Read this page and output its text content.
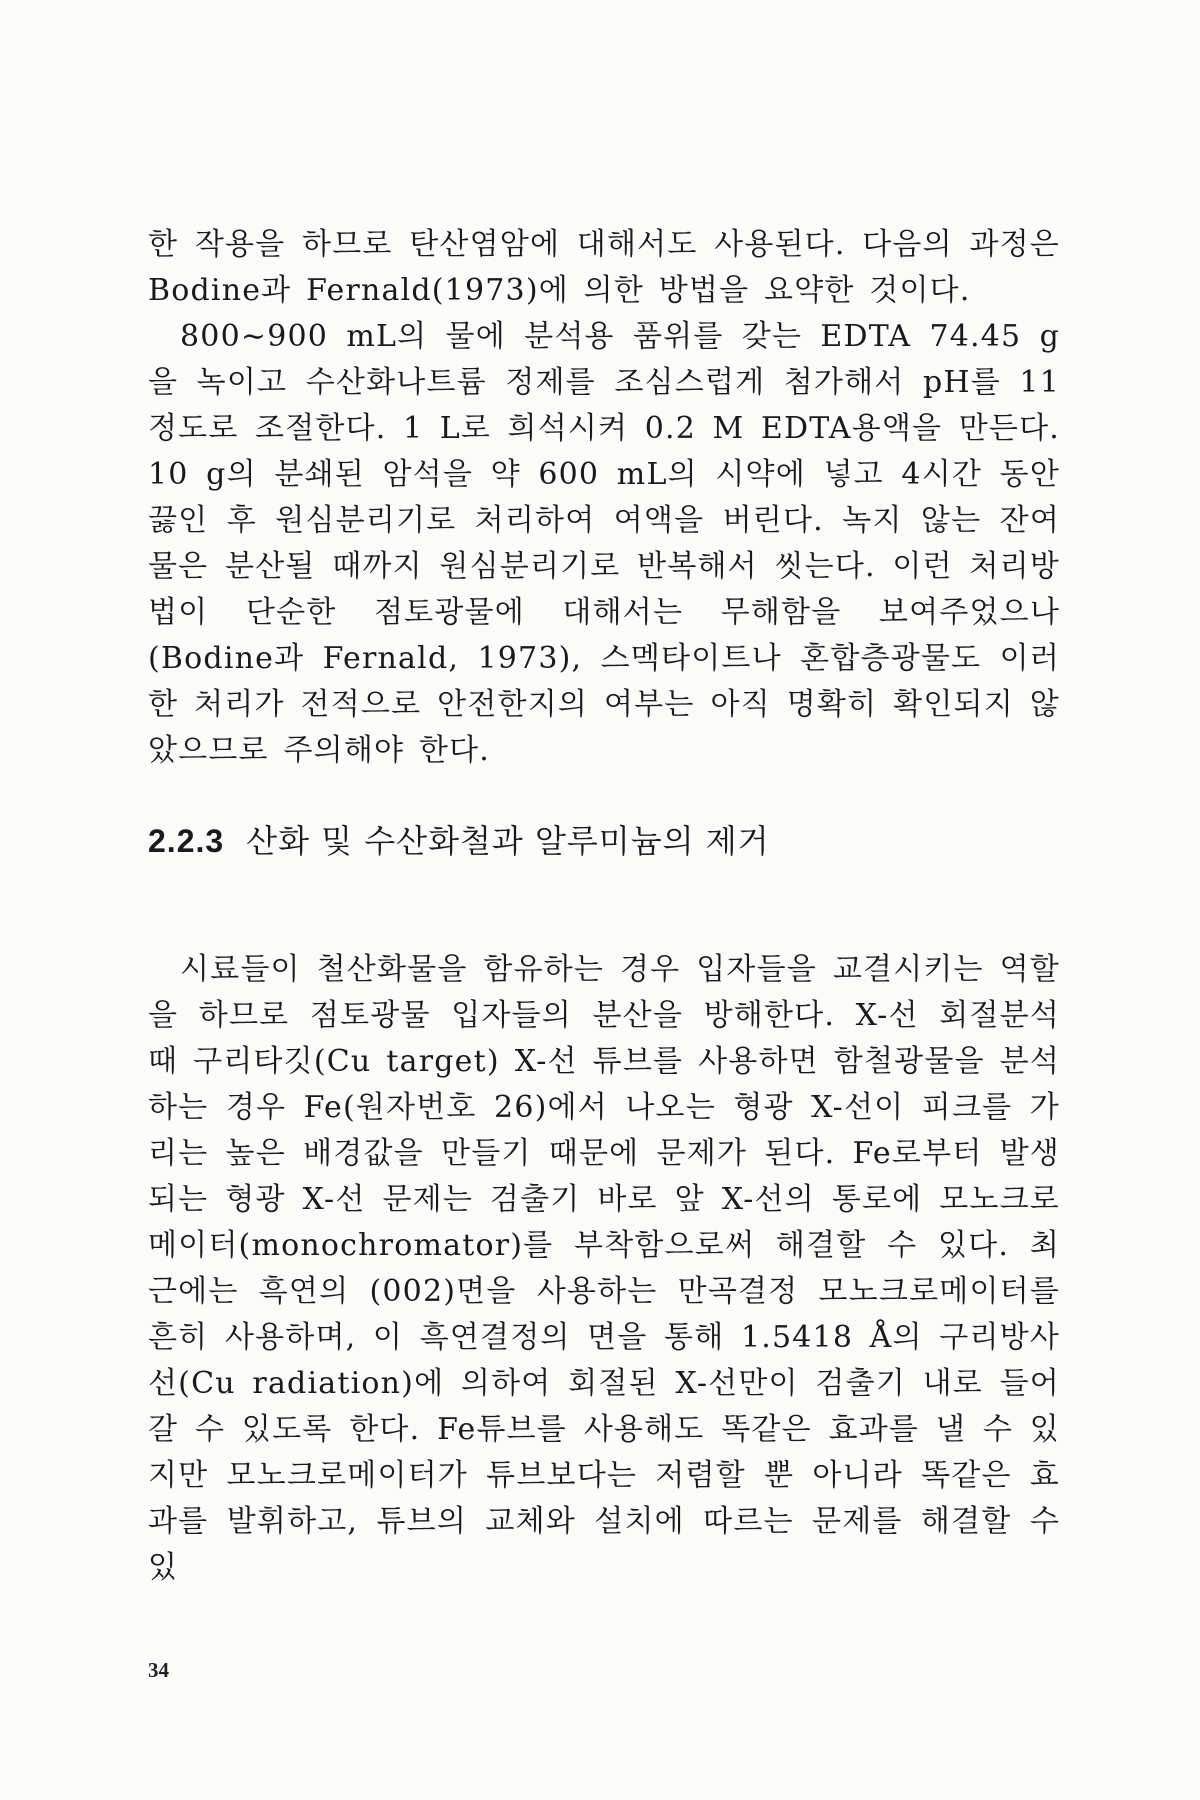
한 작용을 하므로 탄산염암에 대해서도 사용된다. 다음의 과정은 Bodine과 Fernald(1973)에 의한 방법을 요약한 것이다.

800∼900 mL의 물에 분석용 품위를 갖는 EDTA 74.45 g을 녹이고 수산화나트륨 정제를 조심스럽게 첨가해서 pH를 11 정도로 조절한다. 1 L로 희석시켜 0.2 M EDTA용액을 만든다. 10 g의 분쇄된 암석을 약 600 mL의 시약에 넣고 4시간 동안 끓인 후 원심분리기로 처리하여 여액을 버린다. 녹지 않는 잔여물은 분산될 때까지 원심분리기로 반복해서 씻는다. 이런 처리방법이 단순한 점토광물에 대해서는 무해함을 보여주었으나(Bodine과 Fernald, 1973), 스멕타이트나 혼합층광물도 이러한 처리가 전적으로 안전한지의 여부는 아직 명확히 확인되지 않았으므로 주의해야 한다.

2.2.3 산화 및 수산화철과 알루미늄의 제거

시료들이 철산화물을 함유하는 경우 입자들을 교결시키는 역할을 하므로 점토광물 입자들의 분산을 방해한다. X-선 회절분석 때 구리타깃(Cu target) X-선 튜브를 사용하면 함철광물을 분석하는 경우 Fe(원자번호 26)에서 나오는 형광 X-선이 피크를 가리는 높은 배경값을 만들기 때문에 문제가 된다. Fe로부터 발생되는 형광 X-선 문제는 검출기 바로 앞 X-선의 통로에 모노크로메이터(monochromator)를 부착함으로써 해결할 수 있다. 최근에는 흑연의 (002)면을 사용하는 만곡결정 모노크로메이터를 흔히 사용하며, 이 흑연결정의 면을 통해 1.5418 Å의 구리방사선(Cu radiation)에 의하여 회절된 X-선만이 검출기 내로 들어갈 수 있도록 한다. Fe튜브를 사용해도 똑같은 효과를 낼 수 있지만 모노크로메이터가 튜브보다는 저렴할 뿐 아니라 똑같은 효과를 발휘하고, 튜브의 교체와 설치에 따르는 문제를 해결할 수 있

34
